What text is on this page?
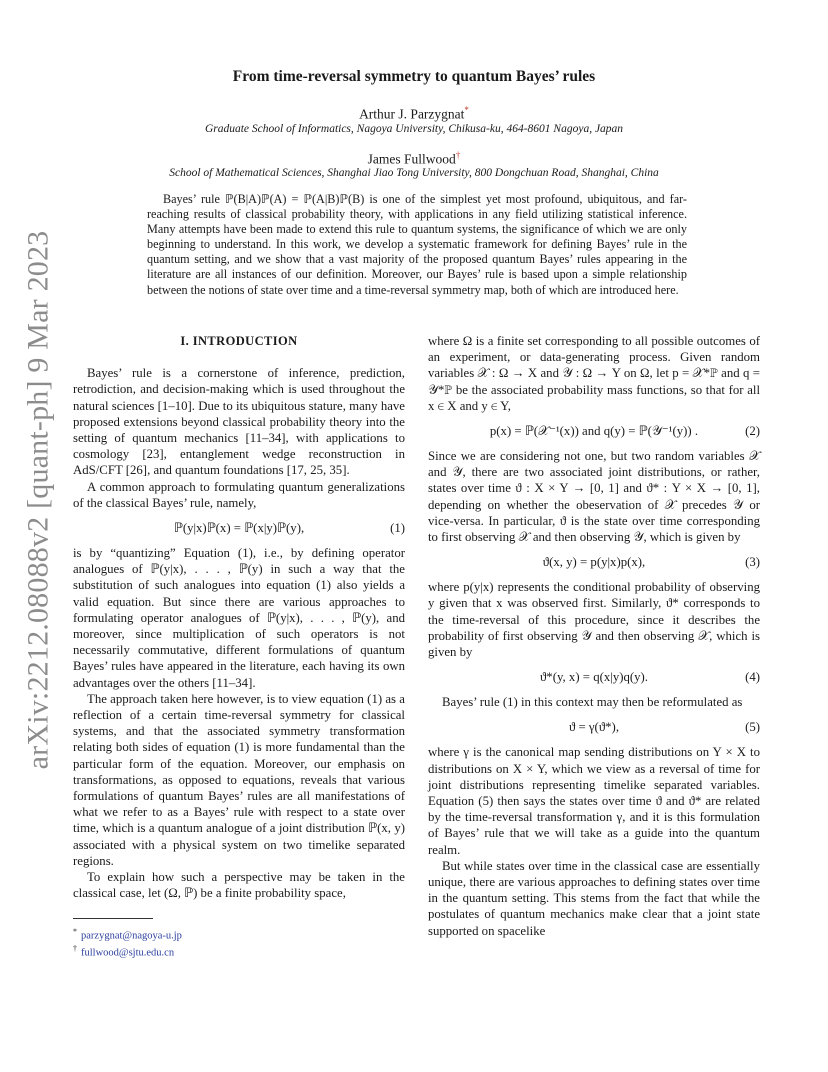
arXiv:2212.08088v2 [quant-ph] 9 Mar 2023
From time-reversal symmetry to quantum Bayes’ rules
Arthur J. Parzygnat*
Graduate School of Informatics, Nagoya University, Chikusa-ku, 464-8601 Nagoya, Japan
James Fullwood†
School of Mathematical Sciences, Shanghai Jiao Tong University, 800 Dongchuan Road, Shanghai, China
Bayes’ rule ℙ(B|A)ℙ(A) = ℙ(A|B)ℙ(B) is one of the simplest yet most profound, ubiquitous, and far-reaching results of classical probability theory, with applications in any field utilizing statistical inference. Many attempts have been made to extend this rule to quantum systems, the significance of which we are only beginning to understand. In this work, we develop a systematic framework for defining Bayes’ rule in the quantum setting, and we show that a vast majority of the proposed quantum Bayes’ rules appearing in the literature are all instances of our definition. Moreover, our Bayes’ rule is based upon a simple relationship between the notions of state over time and a time-reversal symmetry map, both of which are introduced here.
I. INTRODUCTION

Bayes’ rule is a cornerstone of inference, prediction, retrodiction, and decision-making which is used throughout the natural sciences [1–10]. Due to its ubiquitous stature, many have proposed extensions beyond classical probability theory into the setting of quantum mechanics [11–34], with applications to cosmology [23], entanglement wedge reconstruction in AdS/CFT [26], and quantum foundations [17, 25, 35].

A common approach to formulating quantum generalizations of the classical Bayes’ rule, namely,

ℙ(y|x)ℙ(x) = ℙ(x|y)ℙ(y),	(1)

is by “quantizing” Equation (1), i.e., by defining operator analogues of ℙ(y|x), . . . , ℙ(y) in such a way that the substitution of such analogues into equation (1) also yields a valid equation. But since there are various approaches to formulating operator analogues of ℙ(y|x), . . . , ℙ(y), and moreover, since multiplication of such operators is not necessarily commutative, different formulations of quantum Bayes’ rules have appeared in the literature, each having its own advantages over the others [11–34].

The approach taken here however, is to view equation (1) as a reflection of a certain time-reversal symmetry for classical systems, and that the associated symmetry transformation relating both sides of equation (1) is more fundamental than the particular form of the equation. Moreover, our emphasis on transformations, as opposed to equations, reveals that various formulations of quantum Bayes’ rules are all manifestations of what we refer to as a Bayes’ rule with respect to a state over time, which is a quantum analogue of a joint distribution ℙ(x, y) associated with a physical system on two timelike separated regions.

To explain how such a perspective may be taken in the classical case, let (Ω, ℙ) be a finite probability space,

* parzygnat@nagoya-u.jp
† fullwood@sjtu.edu.cn

where Ω is a finite set corresponding to all possible outcomes of an experiment, or data-generating process. Given random variables 𝒳 : Ω → X and 𝒴 : Ω → Y on Ω, let p = 𝒳*ℙ and q = 𝒴*ℙ be the associated probability mass functions, so that for all x ∈ X and y ∈ Y,

p(x) = ℙ(𝒳⁻¹(x)) and q(y) = ℙ(𝒴⁻¹(y)) .	(2)

Since we are considering not one, but two random variables 𝒳 and 𝒴, there are two associated joint distributions, or rather, states over time ϑ : X × Y → [0, 1] and ϑ* : Y × X → [0, 1], depending on whether the obeservation of 𝒳 precedes 𝒴 or vice-versa. In particular, ϑ is the state over time corresponding to first observing 𝒳 and then observing 𝒴, which is given by

ϑ(x, y) = p(y|x)p(x),	(3)

where p(y|x) represents the conditional probability of observing y given that x was observed first. Similarly, ϑ* corresponds to the time-reversal of this procedure, since it describes the probability of first observing 𝒴 and then observing 𝒳, which is given by

ϑ*(y, x) = q(x|y)q(y).	(4)

Bayes’ rule (1) in this context may then be reformulated as

ϑ = γ(ϑ*),	(5)

where γ is the canonical map sending distributions on Y × X to distributions on X × Y, which we view as a reversal of time for joint distributions representing timelike separated variables. Equation (5) then says the states over time ϑ and ϑ* are related by the time-reversal transformation γ, and it is this formulation of Bayes’ rule that we will take as a guide into the quantum realm.

But while states over time in the classical case are essentially unique, there are various approaches to defining states over time in the quantum setting. This stems from the fact that while the postulates of quantum mechanics make clear that a joint state supported on spacelike
